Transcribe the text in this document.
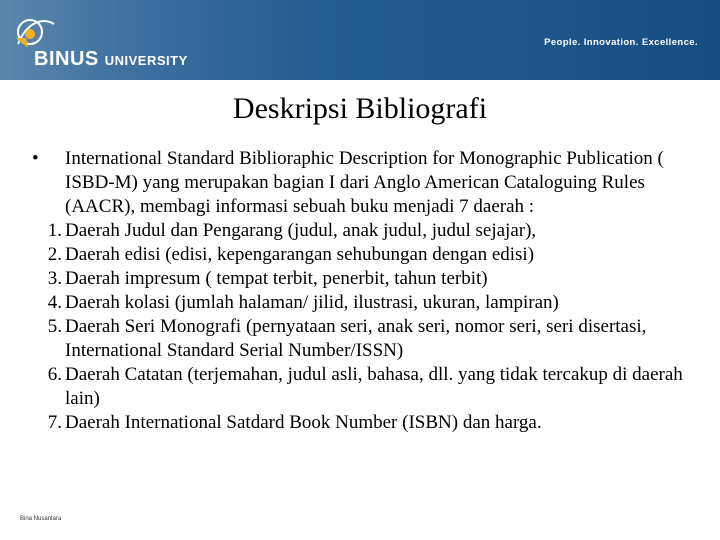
BINUS UNIVERSITY
People. Innovation. Excellence.
Deskripsi Bibliografi
•	International Standard Biblioraphic Description for Monographic Publication ( ISBD-M) yang merupakan bagian I dari Anglo American Cataloguing Rules (AACR), membagi informasi sebuah buku menjadi 7 daerah :
1. Daerah Judul dan Pengarang (judul, anak judul, judul sejajar),
2. Daerah edisi (edisi, kepengarangan sehubungan dengan edisi)
3. Daerah impresum ( tempat terbit, penerbit, tahun terbit)
4. Daerah kolasi (jumlah halaman/ jilid, ilustrasi, ukuran, lampiran)
5. Daerah Seri Monografi (pernyataan seri, anak seri, nomor seri, seri disertasi, International Standard Serial Number/ISSN)
6. Daerah Catatan (terjemahan, judul asli, bahasa, dll. yang tidak tercakup di daerah lain)
7. Daerah International Satdard Book Number (ISBN) dan harga.
Bina Nusantara
